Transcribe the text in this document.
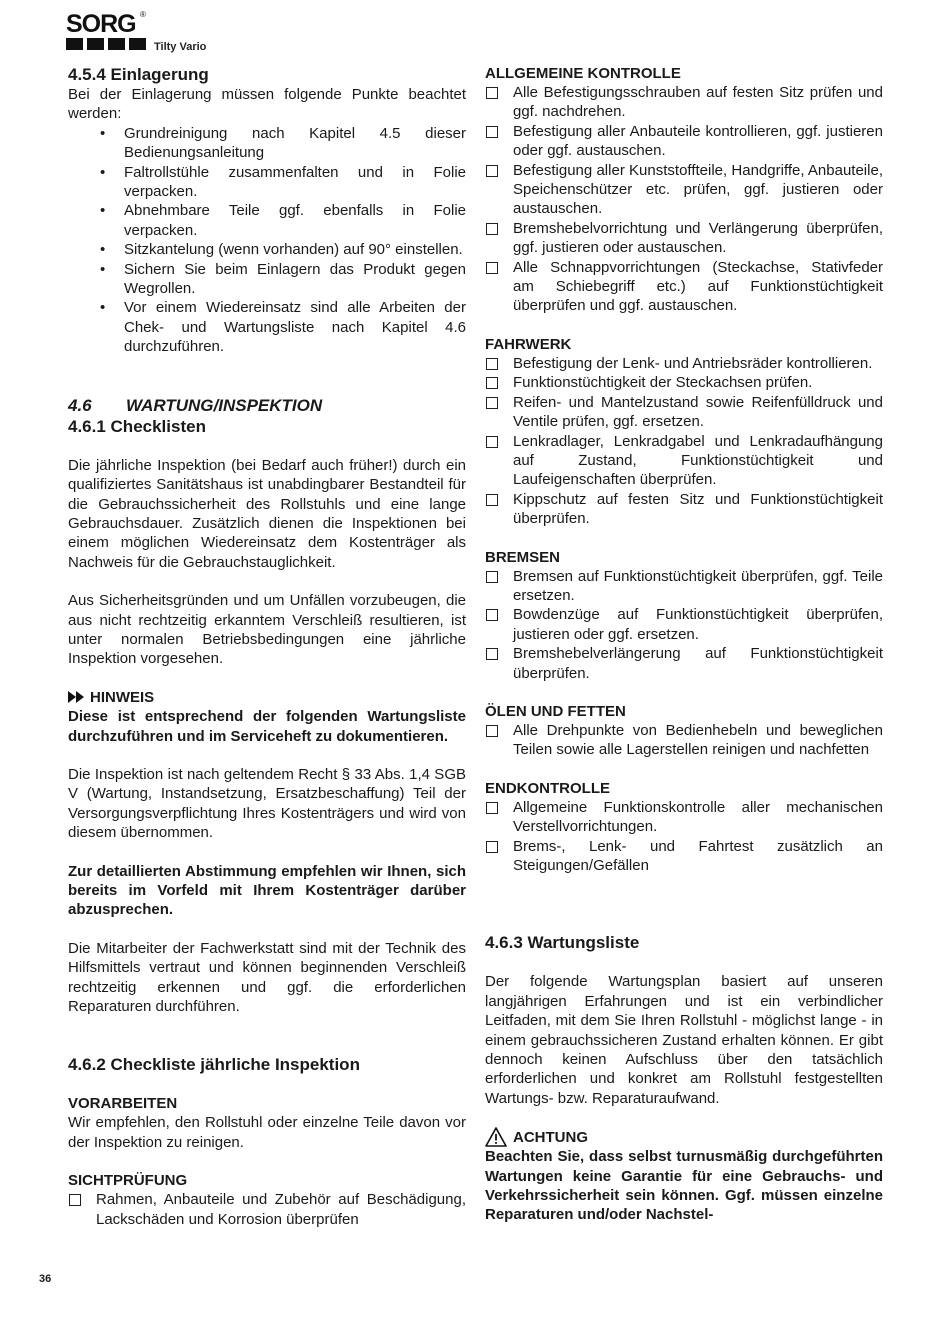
SORG ®
Tilty Vario
4.5.4 Einlagerung

Bei der Einlagerung müssen folgende Punkte beachtet werden:

• Grundreinigung nach Kapitel 4.5 dieser Bedienungsanleitung
• Faltrollstühle zusammenfalten und in Folie verpacken.
• Abnehmbare Teile ggf. ebenfalls in Folie verpacken.
• Sitzkantelung (wenn vorhanden) auf 90° einstellen.
• Sichern Sie beim Einlagern das Produkt gegen Wegrollen.
• Vor einem Wiedereinsatz sind alle Arbeiten der Chek- und Wartungsliste nach Kapitel 4.6 durchzuführen.
4.6 WARTUNG/INSPEKTION
4.6.1 Checklisten

Die jährliche Inspektion (bei Bedarf auch früher!) durch ein qualifiziertes Sanitätshaus ist unabdingbarer Bestandteil für die Gebrauchssicherheit des Rollstuhls und eine lange Gebrauchsdauer. Zusätzlich dienen die Inspektionen bei einem möglichen Wiedereinsatz dem Kostenträger als Nachweis für die Gebrauchstauglichkeit.

Aus Sicherheitsgründen und um Unfällen vorzubeugen, die aus nicht rechtzeitig erkanntem Verschleiß resultieren, ist unter normalen Betriebsbedingungen eine jährliche Inspektion vorgesehen.

HINWEIS

Diese ist entsprechend der folgenden Wartungsliste durchzuführen und im Serviceheft zu dokumentieren.

Die Inspektion ist nach geltendem Recht § 33 Abs. 1,4 SGB V (Wartung, Instandsetzung, Ersatzbeschaffung) Teil der Versorgungsverpflichtung Ihres Kostenträgers und wird von diesem übernommen.

Zur detaillierten Abstimmung empfehlen wir Ihnen, sich bereits im Vorfeld mit Ihrem Kostenträger darüber abzusprechen.

Die Mitarbeiter der Fachwerkstatt sind mit der Technik des Hilfsmittels vertraut und können beginnenden Verschleiß rechtzeitig erkennen und ggf. die erforderlichen Reparaturen durchführen.

4.6.2 Checkliste jährliche Inspektion
VORARBEITEN

Wir empfehlen, den Rollstuhl oder einzelne Teile davon vor der Inspektion zu reinigen.

SICHTPRÜFUNG
Rahmen, Anbauteile und Zubehör auf Beschädigung, Lackschäden und Korrosion überprüfen
ALLGEMEINE KONTROLLE
Alle Befestigungsschrauben auf festen Sitz prüfen und ggf. nachdrehen.
Befestigung aller Anbauteile kontrollieren, ggf. justieren oder ggf. austauschen.
Befestigung aller Kunststoffteile, Handgriffe, Anbauteile, Speichenschützer etc. prüfen, ggf. justieren oder austauschen.
Bremshebelvorrichtung und Verlängerung überprüfen, ggf. justieren oder austauschen.
Alle Schnappvorrichtungen (Steckachse, Stativfeder am Schiebegriff etc.) auf Funktionstüchtigkeit überprüfen und ggf. austauschen.
FAHRWERK
Befestigung der Lenk- und Antriebsräder kontrollieren.
Funktionstüchtigkeit der Steckachsen prüfen.
Reifen- und Mantelzustand sowie Reifenfülldruck und Ventile prüfen, ggf. ersetzen.
Lenkradlager, Lenkradgabel und Lenkradaufhängung auf Zustand, Funktionstüchtigkeit und Laufeigenschaften überprüfen.
Kippschutz auf festen Sitz und Funktionstüchtigkeit überprüfen.
BREMSEN
Bremsen auf Funktionstüchtigkeit überprüfen, ggf. Teile ersetzen.
Bowdenzüge auf Funktionstüchtigkeit überprüfen, justieren oder ggf. ersetzen.
Bremshebelverlängerung auf Funktionstüchtigkeit überprüfen.
ÖLEN UND FETTEN
Alle Drehpunkte von Bedienhebeln und beweglichen Teilen sowie alle Lagerstellen reinigen und nachfetten
ENDKONTROLLE
Allgemeine Funktionskontrolle aller mechanischen Verstellvorrichtungen.
Brems-, Lenk- und Fahrtest zusätzlich an Steigungen/Gefällen
4.6.3 Wartungsliste

Der folgende Wartungsplan basiert auf unseren langjährigen Erfahrungen und ist ein verbindlicher Leitfaden, mit dem Sie Ihren Rollstuhl - möglichst lange - in einem gebrauchssicheren Zustand erhalten können. Er gibt dennoch keinen Aufschluss über den tatsächlich erforderlichen und konkret am Rollstuhl festgestellten Wartungs- bzw. Reparaturaufwand.

ACHTUNG

Beachten Sie, dass selbst turnusmäßig durchgeführten Wartungen keine Garantie für eine Gebrauchs- und Verkehrssicherheit sein können. Ggf. müssen einzelne Reparaturen und/oder Nachstel-

36
